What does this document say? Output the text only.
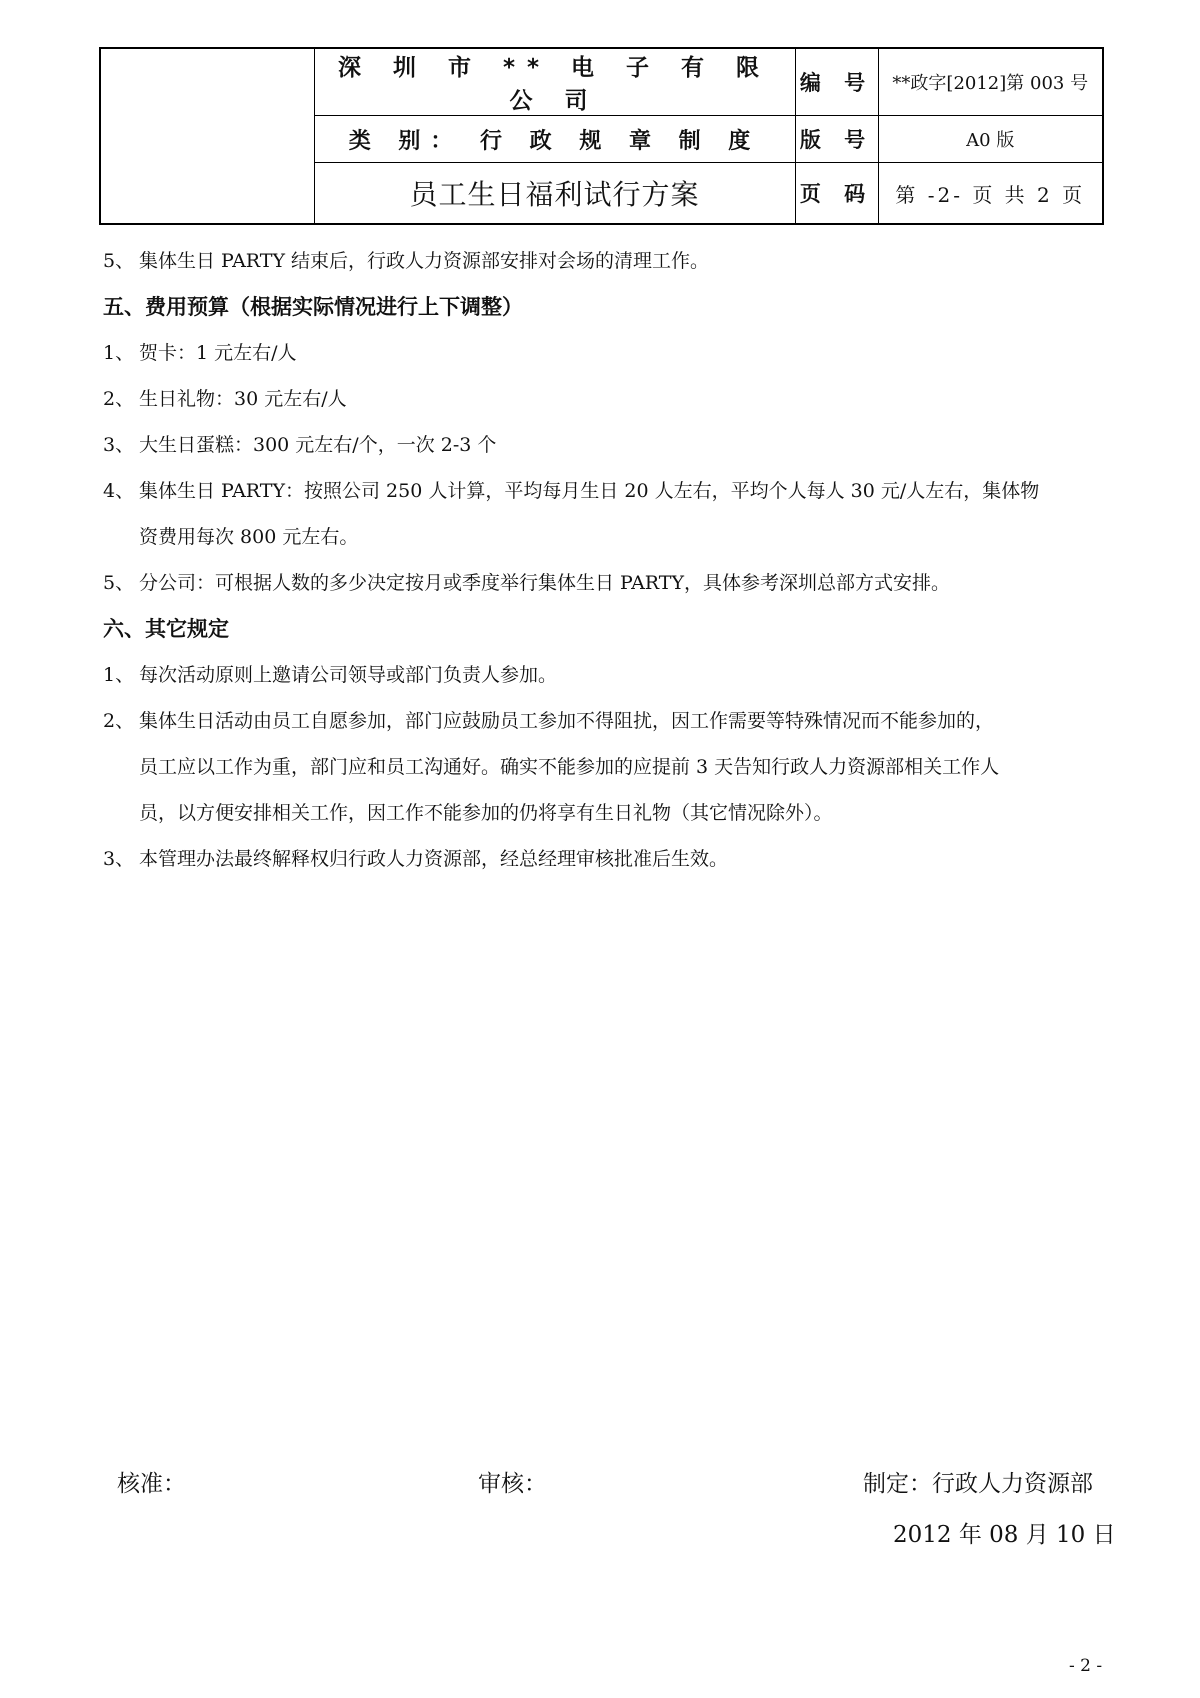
	深 圳 市 ** 电 子 有 限 公 司	编 号	**政字[2012]第 003 号
	类 别： 行 政 规 章 制 度	版 号	A0 版
	员工生日福利试行方案	页 码	第 -2- 页 共 2 页
5、 集体生日 PARTY 结束后，行政人力资源部安排对会场的清理工作。
五、费用预算（根据实际情况进行上下调整）
1、 贺卡：1 元左右/人
2、 生日礼物：30 元左右/人
3、 大生日蛋糕：300 元左右/个，一次 2-3 个
4、 集体生日 PARTY：按照公司 250 人计算，平均每月生日 20 人左右，平均个人每人 30 元/人左右，集体物
资费用每次 800 元左右。
5、 分公司：可根据人数的多少决定按月或季度举行集体生日 PARTY，具体参考深圳总部方式安排。
六、其它规定
1、 每次活动原则上邀请公司领导或部门负责人参加。
2、 集体生日活动由员工自愿参加，部门应鼓励员工参加不得阻扰，因工作需要等特殊情况而不能参加的，
员工应以工作为重，部门应和员工沟通好。确实不能参加的应提前 3 天告知行政人力资源部相关工作人
员，以方便安排相关工作，因工作不能参加的仍将享有生日礼物（其它情况除外）。
3、 本管理办法最终解释权归行政人力资源部，经总经理审核批准后生效。
核准：	审核：	制定：行政人力资源部
2012 年 08 月 10 日
- 2 -
